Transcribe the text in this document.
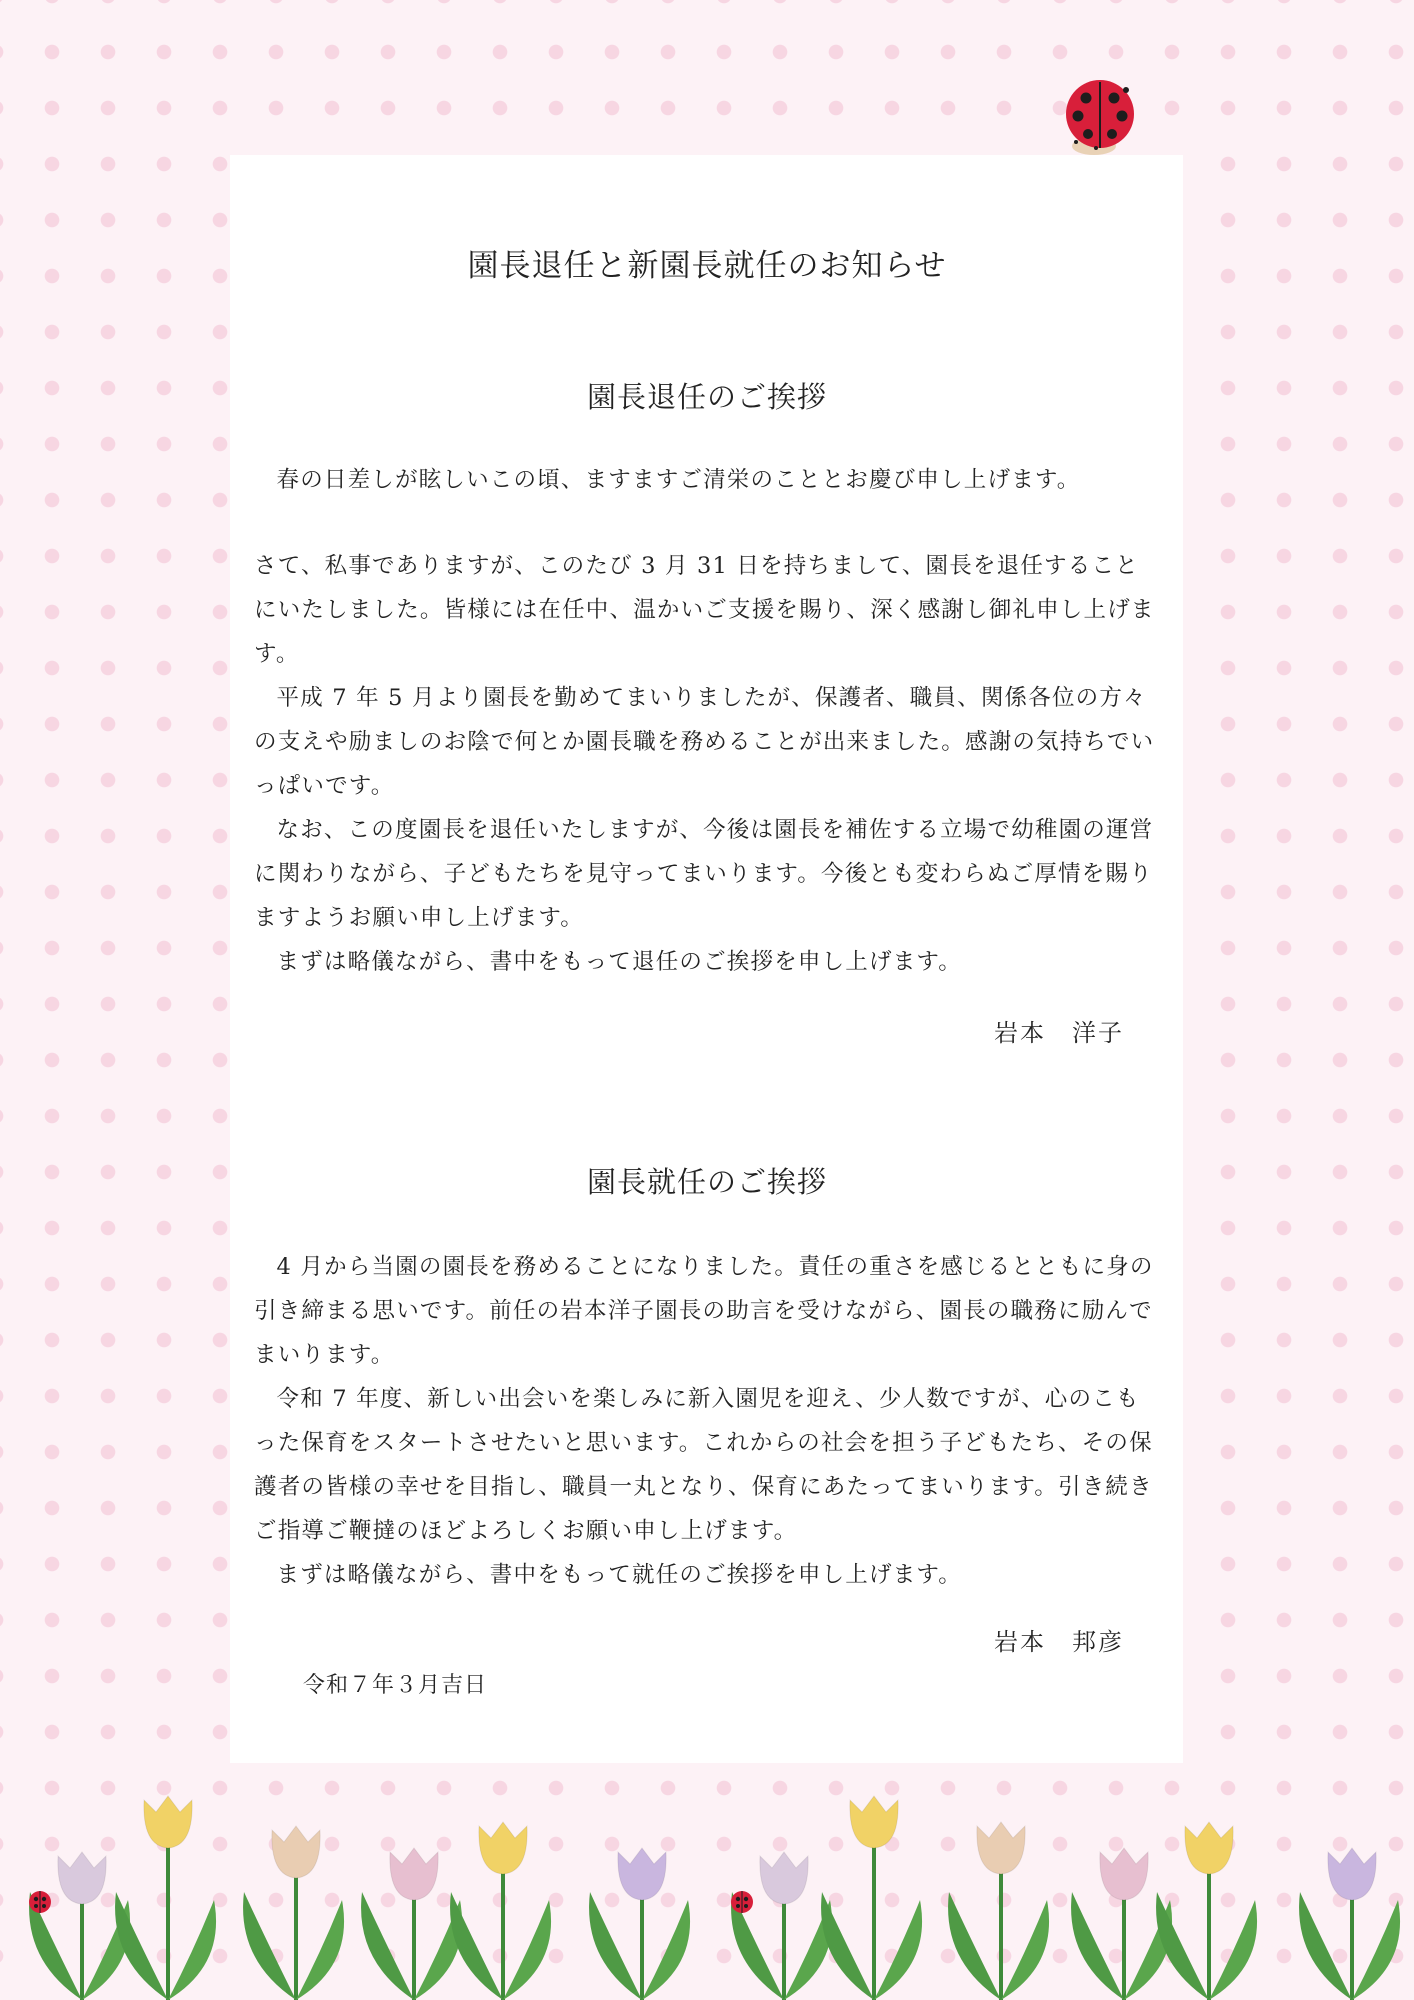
園長退任と新園長就任のお知らせ
園長退任のご挨拶

春の日差しが眩しいこの頃、ますますご清栄のこととお慶び申し上げます。

さて、私事でありますが、このたび 3 月 31 日を持ちまして、園長を退任することにいたしました。皆様には在任中、温かいご支援を賜り、深く感謝し御礼申し上げます。

平成 7 年 5 月より園長を勤めてまいりましたが、保護者、職員、関係各位の方々の支えや励ましのお陰で何とか園長職を務めることが出来ました。感謝の気持ちでいっぱいです。

なお、この度園長を退任いたしますが、今後は園長を補佐する立場で幼稚園の運営に関わりながら、子どもたちを見守ってまいります。今後とも変わらぬご厚情を賜りますようお願い申し上げます。

まずは略儀ながら、書中をもって退任のご挨拶を申し上げます。

岩本　洋子
園長就任のご挨拶

4 月から当園の園長を務めることになりました。責任の重さを感じるとともに身の引き締まる思いです。前任の岩本洋子園長の助言を受けながら、園長の職務に励んでまいります。

令和 7 年度、新しい出会いを楽しみに新入園児を迎え、少人数ですが、心のこもった保育をスタートさせたいと思います。これからの社会を担う子どもたち、その保護者の皆様の幸せを目指し、職員一丸となり、保育にあたってまいります。引き続きご指導ご鞭撻のほどよろしくお願い申し上げます。

まずは略儀ながら、書中をもって就任のご挨拶を申し上げます。

岩本　邦彦
令和７年３月吉日
